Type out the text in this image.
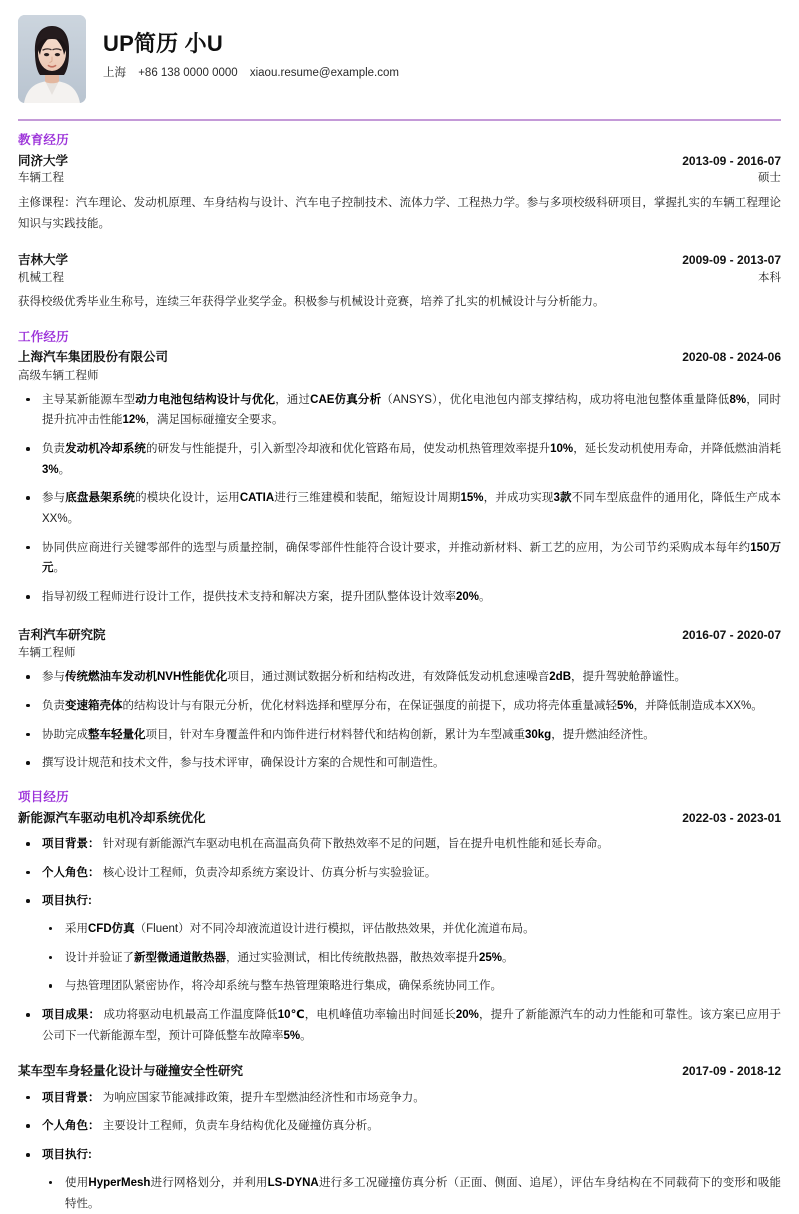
UP简历 小U
上海 +86 138 0000 0000 xiaou.resume@example.com
教育经历
同济大学	2013-09 - 2016-07
车辆工程	硕士

主修课程：汽车理论、发动机原理、车身结构与设计、汽车电子控制技术、流体力学、工程热力学。参与多项校级科研项目，掌握扎实的车辆工程理论知识与实践技能。

吉林大学	2009-09 - 2013-07
机械工程	本科

获得校级优秀毕业生称号，连续三年获得学业奖学金。积极参与机械设计竞赛，培养了扎实的机械设计与分析能力。

工作经历
上海汽车集团股份有限公司	2020-08 - 2024-06
高级车辆工程师
主导某新能源车型动力电池包结构设计与优化，通过CAE仿真分析（ANSYS），优化电池包内部支撑结构，成功将电池包整体重量降低8%，同时提升抗冲击性能12%，满足国标碰撞安全要求。
负责发动机冷却系统的研发与性能提升，引入新型冷却液和优化管路布局，使发动机热管理效率提升10%，延长发动机使用寿命，并降低燃油消耗3%。
参与底盘悬架系统的模块化设计，运用CATIA进行三维建模和装配，缩短设计周期15%，并成功实现3款不同车型底盘件的通用化，降低生产成本XX%。
协同供应商进行关键零部件的选型与质量控制，确保零部件性能符合设计要求，并推动新材料、新工艺的应用，为公司节约采购成本每年约150万元。
指导初级工程师进行设计工作，提供技术支持和解决方案，提升团队整体设计效率20%。
吉利汽车研究院	2016-07 - 2020-07
车辆工程师
参与传统燃油车发动机NVH性能优化项目，通过测试数据分析和结构改进，有效降低发动机怠速噪音2dB，提升驾驶舱静谧性。
负责变速箱壳体的结构设计与有限元分析，优化材料选择和壁厚分布，在保证强度的前提下，成功将壳体重量减轻5%，并降低制造成本XX%。
协助完成整车轻量化项目，针对车身覆盖件和内饰件进行材料替代和结构创新，累计为车型减重30kg，提升燃油经济性。
撰写设计规范和技术文件，参与技术评审，确保设计方案的合规性和可制造性。
项目经历
新能源汽车驱动电机冷却系统优化	2022-03 - 2023-01
项目背景： 针对现有新能源汽车驱动电机在高温高负荷下散热效率不足的问题，旨在提升电机性能和延长寿命。
个人角色： 核心设计工程师，负责冷却系统方案设计、仿真分析与实验验证。
项目执行:
采用CFD仿真（Fluent）对不同冷却液流道设计进行模拟，评估散热效果，并优化流道布局。
设计并验证了新型微通道散热器，通过实验测试，相比传统散热器，散热效率提升25%。
与热管理团队紧密协作，将冷却系统与整车热管理策略进行集成，确保系统协同工作。
项目成果： 成功将驱动电机最高工作温度降低10℃，电机峰值功率输出时间延长20%，提升了新能源汽车的动力性能和可靠性。该方案已应用于公司下一代新能源车型，预计可降低整车故障率5%。
某车型车身轻量化设计与碰撞安全性研究	2017-09 - 2018-12
项目背景： 为响应国家节能减排政策，提升车型燃油经济性和市场竞争力。
个人角色： 主要设计工程师，负责车身结构优化及碰撞仿真分析。
项目执行:
使用HyperMesh进行网格划分，并利用LS-DYNA进行多工况碰撞仿真分析（正面、侧面、追尾），评估车身结构在不同载荷下的变形和吸能特性。
